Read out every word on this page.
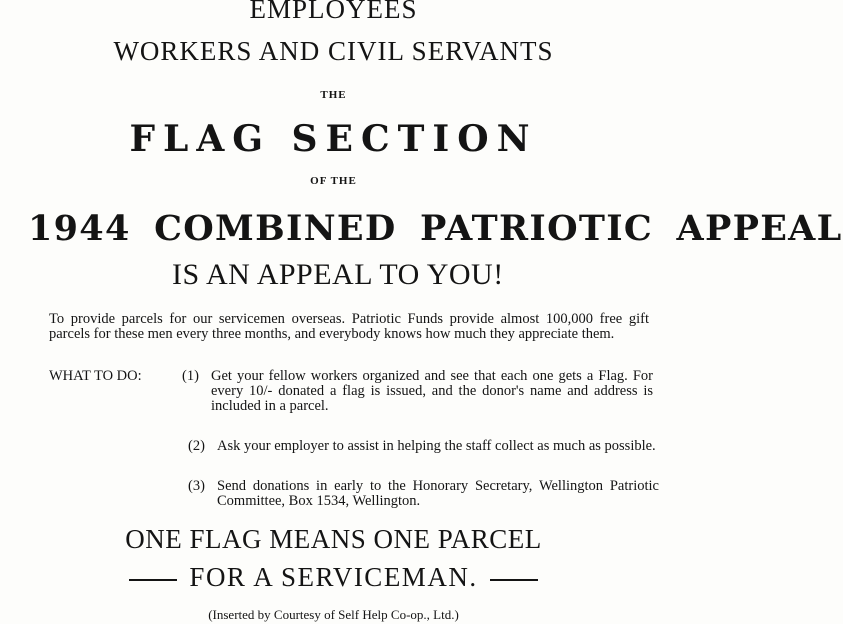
EMPLOYEES
WORKERS AND CIVIL SERVANTS
THE
FLAG SECTION
OF THE
1944 COMBINED PATRIOTIC APPEAL
IS AN APPEAL TO YOU!
To provide parcels for our servicemen overseas. Patriotic Funds provide almost 100,000 free gift parcels for these men every three months, and everybody knows how much they appreciate them.
WHAT TO DO:	(1) Get your fellow workers organized and see that each one gets a Flag. For every 10/- donated a flag is issued, and the donor's name and address is included in a parcel.
(2) Ask your employer to assist in helping the staff collect as much as possible.
(3) Send donations in early to the Honorary Secretary, Wellington Patriotic Committee, Box 1534, Wellington.
ONE FLAG MEANS ONE PARCEL
FOR A SERVICEMAN.
(Inserted by Courtesy of Self Help Co-op., Ltd.)
